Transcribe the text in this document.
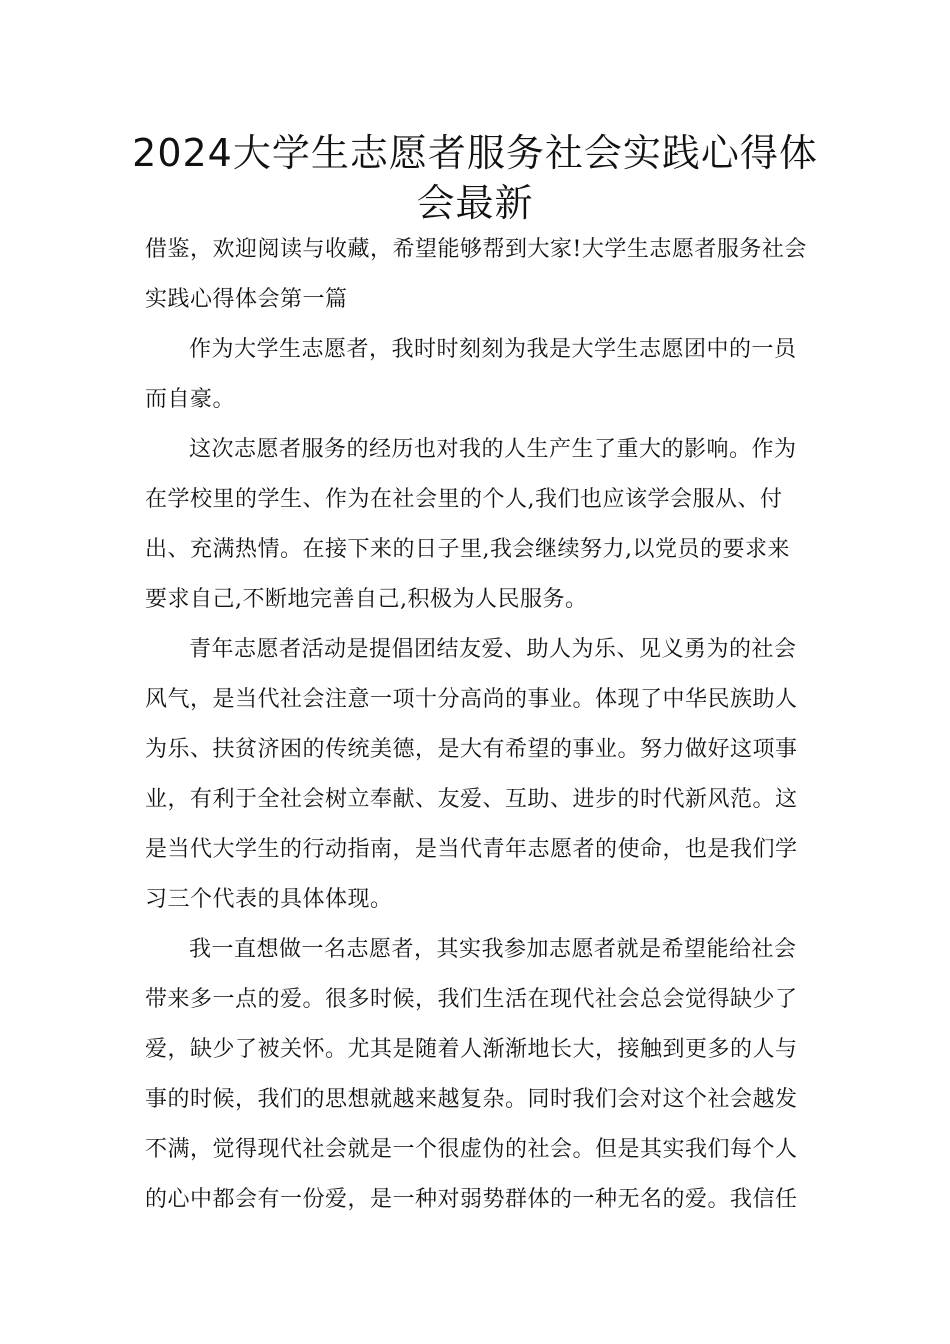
2024大学生志愿者服务社会实践心得体会最新

借鉴，欢迎阅读与收藏，希望能够帮到大家!大学生志愿者服务社会实践心得体会第一篇

作为大学生志愿者，我时时刻刻为我是大学生志愿团中的一员而自豪。

这次志愿者服务的经历也对我的人生产生了重大的影响。作为在学校里的学生、作为在社会里的个人,我们也应该学会服从、付出、充满热情。在接下来的日子里,我会继续努力,以党员的要求来要求自己,不断地完善自己,积极为人民服务。

青年志愿者活动是提倡团结友爱、助人为乐、见义勇为的社会风气，是当代社会注意一项十分高尚的事业。体现了中华民族助人为乐、扶贫济困的传统美德，是大有希望的事业。努力做好这项事业，有利于全社会树立奉献、友爱、互助、进步的时代新风范。这是当代大学生的行动指南，是当代青年志愿者的使命，也是我们学习三个代表的具体体现。

我一直想做一名志愿者，其实我参加志愿者就是希望能给社会带来多一点的爱。很多时候，我们生活在现代社会总会觉得缺少了爱，缺少了被关怀。尤其是随着人渐渐地长大，接触到更多的人与事的时候，我们的思想就越来越复杂。同时我们会对这个社会越发不满，觉得现代社会就是一个很虚伪的社会。但是其实我们每个人的心中都会有一份爱，是一种对弱势群体的一种无名的爱。我信任
